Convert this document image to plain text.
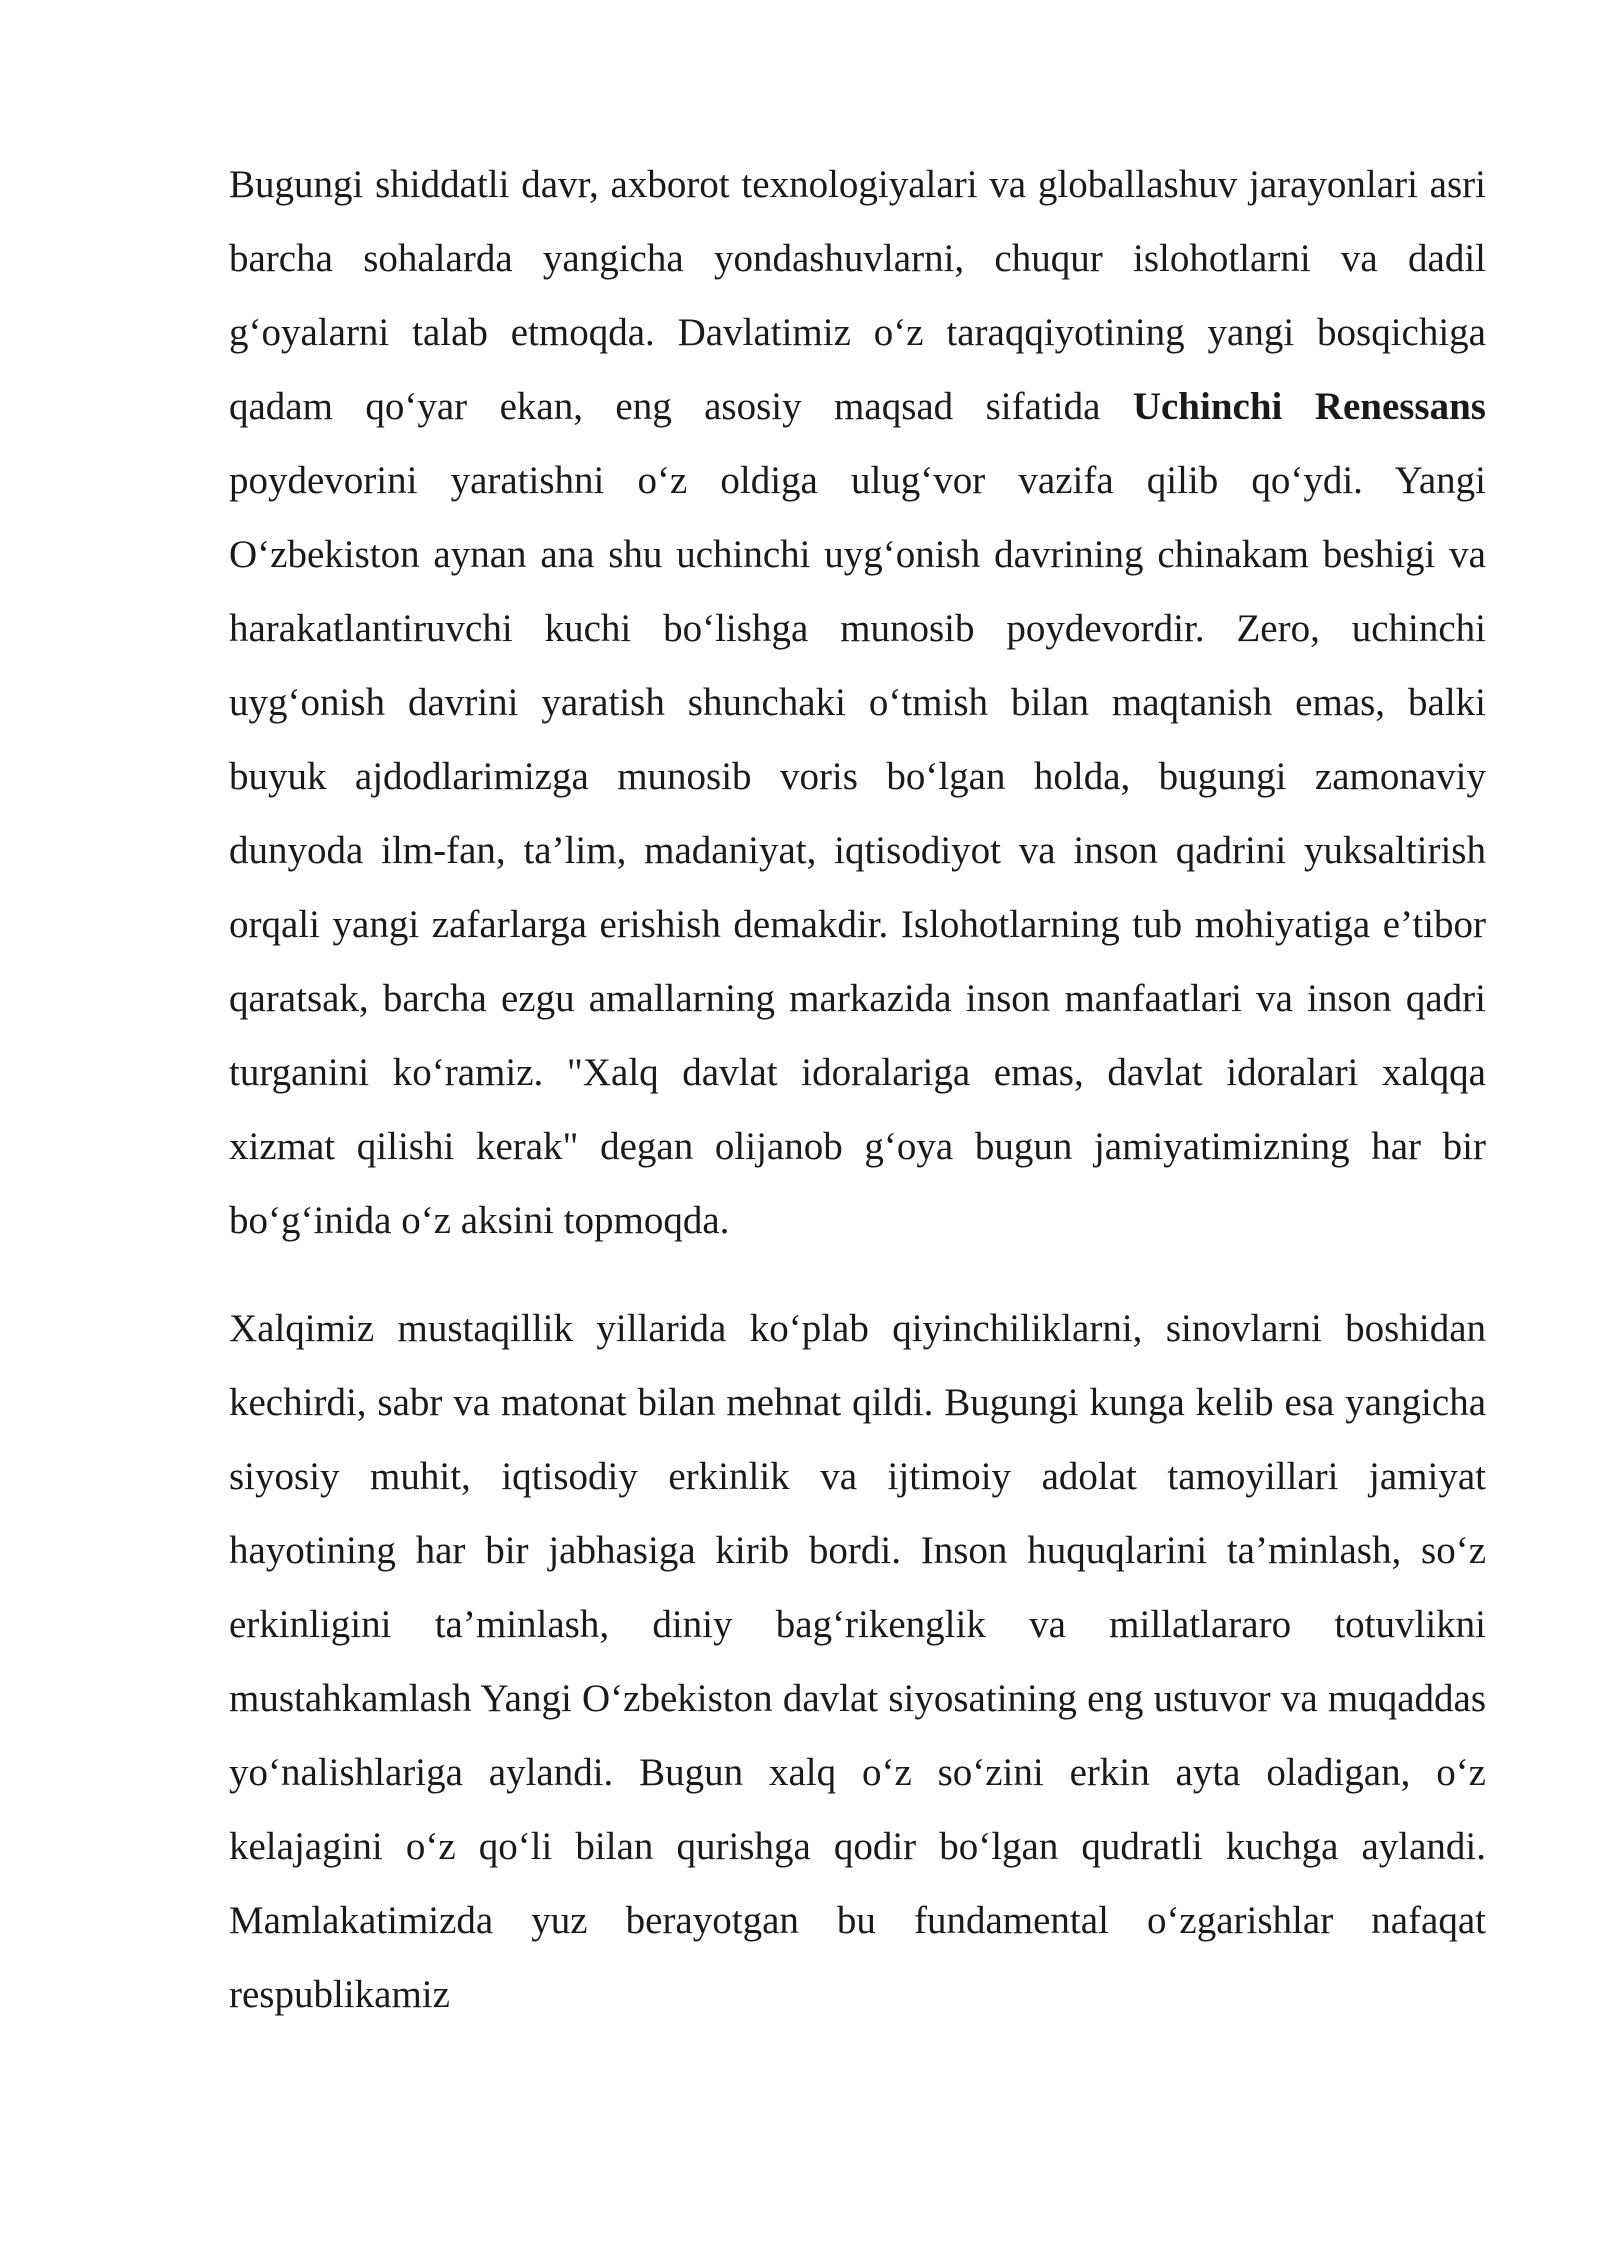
Bugungi shiddatli davr, axborot texnologiyalari va globallashuv jarayonlari asri barcha sohalarda yangicha yondashuvlarni, chuqur islohotlarni va dadil g‘oyalarni talab etmoqda. Davlatimiz o‘z taraqqiyotining yangi bosqichiga qadam qo‘yar ekan, eng asosiy maqsad sifatida Uchinchi Renessans poydevorini yaratishni o‘z oldiga ulug‘vor vazifa qilib qo‘ydi. Yangi O‘zbekiston aynan ana shu uchinchi uyg‘onish davrining chinakam beshigi va harakatlantiruvchi kuchi bo‘lishga munosib poydevordir. Zero, uchinchi uyg‘onish davrini yaratish shunchaki o‘tmish bilan maqtanish emas, balki buyuk ajdodlarimizga munosib voris bo‘lgan holda, bugungi zamonaviy dunyoda ilm-fan, ta’lim, madaniyat, iqtisodiyot va inson qadrini yuksaltirish orqali yangi zafarlarga erishish demakdir. Islohotlarning tub mohiyatiga e’tibor qaratsak, barcha ezgu amallarning markazida inson manfaatlari va inson qadri turganini ko‘ramiz. "Xalq davlat idoralariga emas, davlat idoralari xalqqa xizmat qilishi kerak" degan olijanob g‘oya bugun jamiyatimizning har bir bo‘g‘inida o‘z aksini topmoqda.

Xalqimiz mustaqillik yillarida ko‘plab qiyinchiliklarni, sinovlarni boshidan kechirdi, sabr va matonat bilan mehnat qildi. Bugungi kunga kelib esa yangicha siyosiy muhit, iqtisodiy erkinlik va ijtimoiy adolat tamoyillari jamiyat hayotining har bir jabhasiga kirib bordi. Inson huquqlarini ta’minlash, so‘z erkinligini ta’minlash, diniy bag‘rikenglik va millatlararo totuvlikni mustahkamlash Yangi O‘zbekiston davlat siyosatining eng ustuvor va muqaddas yo‘nalishlariga aylandi. Bugun xalq o‘z so‘zini erkin ayta oladigan, o‘z kelajagini o‘z qo‘li bilan qurishga qodir bo‘lgan qudratli kuchga aylandi. Mamlakatimizda yuz berayotgan bu fundamental o‘zgarishlar nafaqat respublikamiz
